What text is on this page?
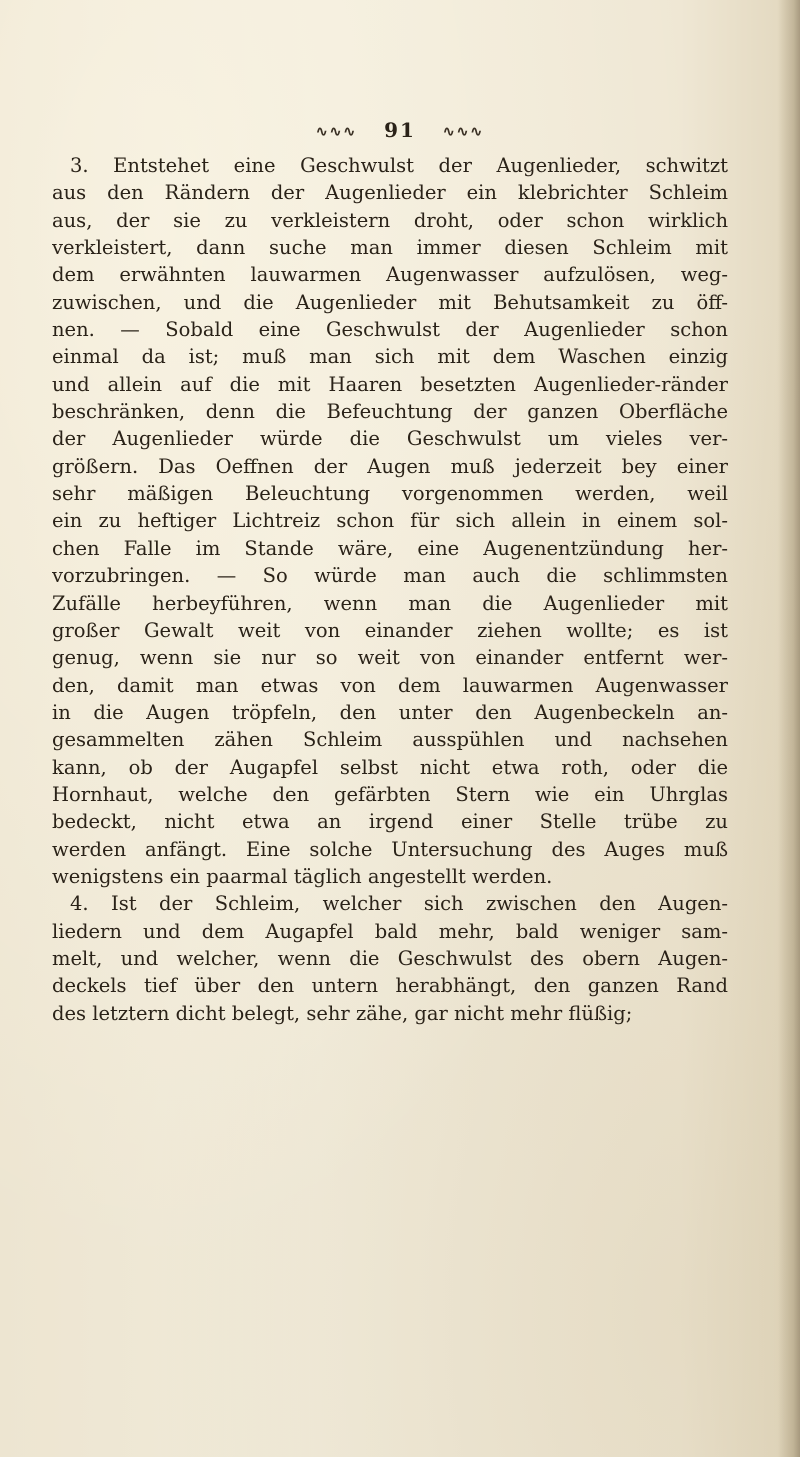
∿∿∿ 91 ∿∿∿
3. Entstehet eine Geschwulst der Augenlieder, schwitzt
aus den Rändern der Augenlieder ein klebrichter Schleim
aus, der sie zu verkleistern droht, oder schon wirklich
verkleistert, dann suche man immer diesen Schleim mit
dem erwähnten lauwarmen Augenwasser aufzulösen, weg-
zuwischen, und die Augenlieder mit Behutsamkeit zu öff-
nen. — Sobald eine Geschwulst der Augenlieder schon
einmal da ist; muß man sich mit dem Waschen einzig
und allein auf die mit Haaren besetzten Augenlieder-ränder
beschränken, denn die Befeuchtung der ganzen Oberfläche
der Augenlieder würde die Geschwulst um vieles ver-
größern. Das Oeffnen der Augen muß jederzeit bey einer
sehr mäßigen Beleuchtung vorgenommen werden, weil
ein zu heftiger Lichtreiz schon für sich allein in einem sol-
chen Falle im Stande wäre, eine Augenentzündung her-
vorzubringen. — So würde man auch die schlimmsten
Zufälle herbeyführen, wenn man die Augenlieder mit
großer Gewalt weit von einander ziehen wollte; es ist
genug, wenn sie nur so weit von einander entfernt wer-
den, damit man etwas von dem lauwarmen Augenwasser
in die Augen tröpfeln, den unter den Augenbeckeln an-
gesammelten zähen Schleim ausspühlen und nachsehen
kann, ob der Augapfel selbst nicht etwa roth, oder die
Hornhaut, welche den gefärbten Stern wie ein Uhrglas
bedeckt, nicht etwa an irgend einer Stelle trübe zu
werden anfängt. Eine solche Untersuchung des Auges muß
wenigstens ein paarmal täglich angestellt werden.
4. Ist der Schleim, welcher sich zwischen den Augen-
liedern und dem Augapfel bald mehr, bald weniger sam-
melt, und welcher, wenn die Geschwulst des obern Augen-
deckels tief über den untern herabhängt, den ganzen Rand
des letztern dicht belegt, sehr zähe, gar nicht mehr flüßig;
